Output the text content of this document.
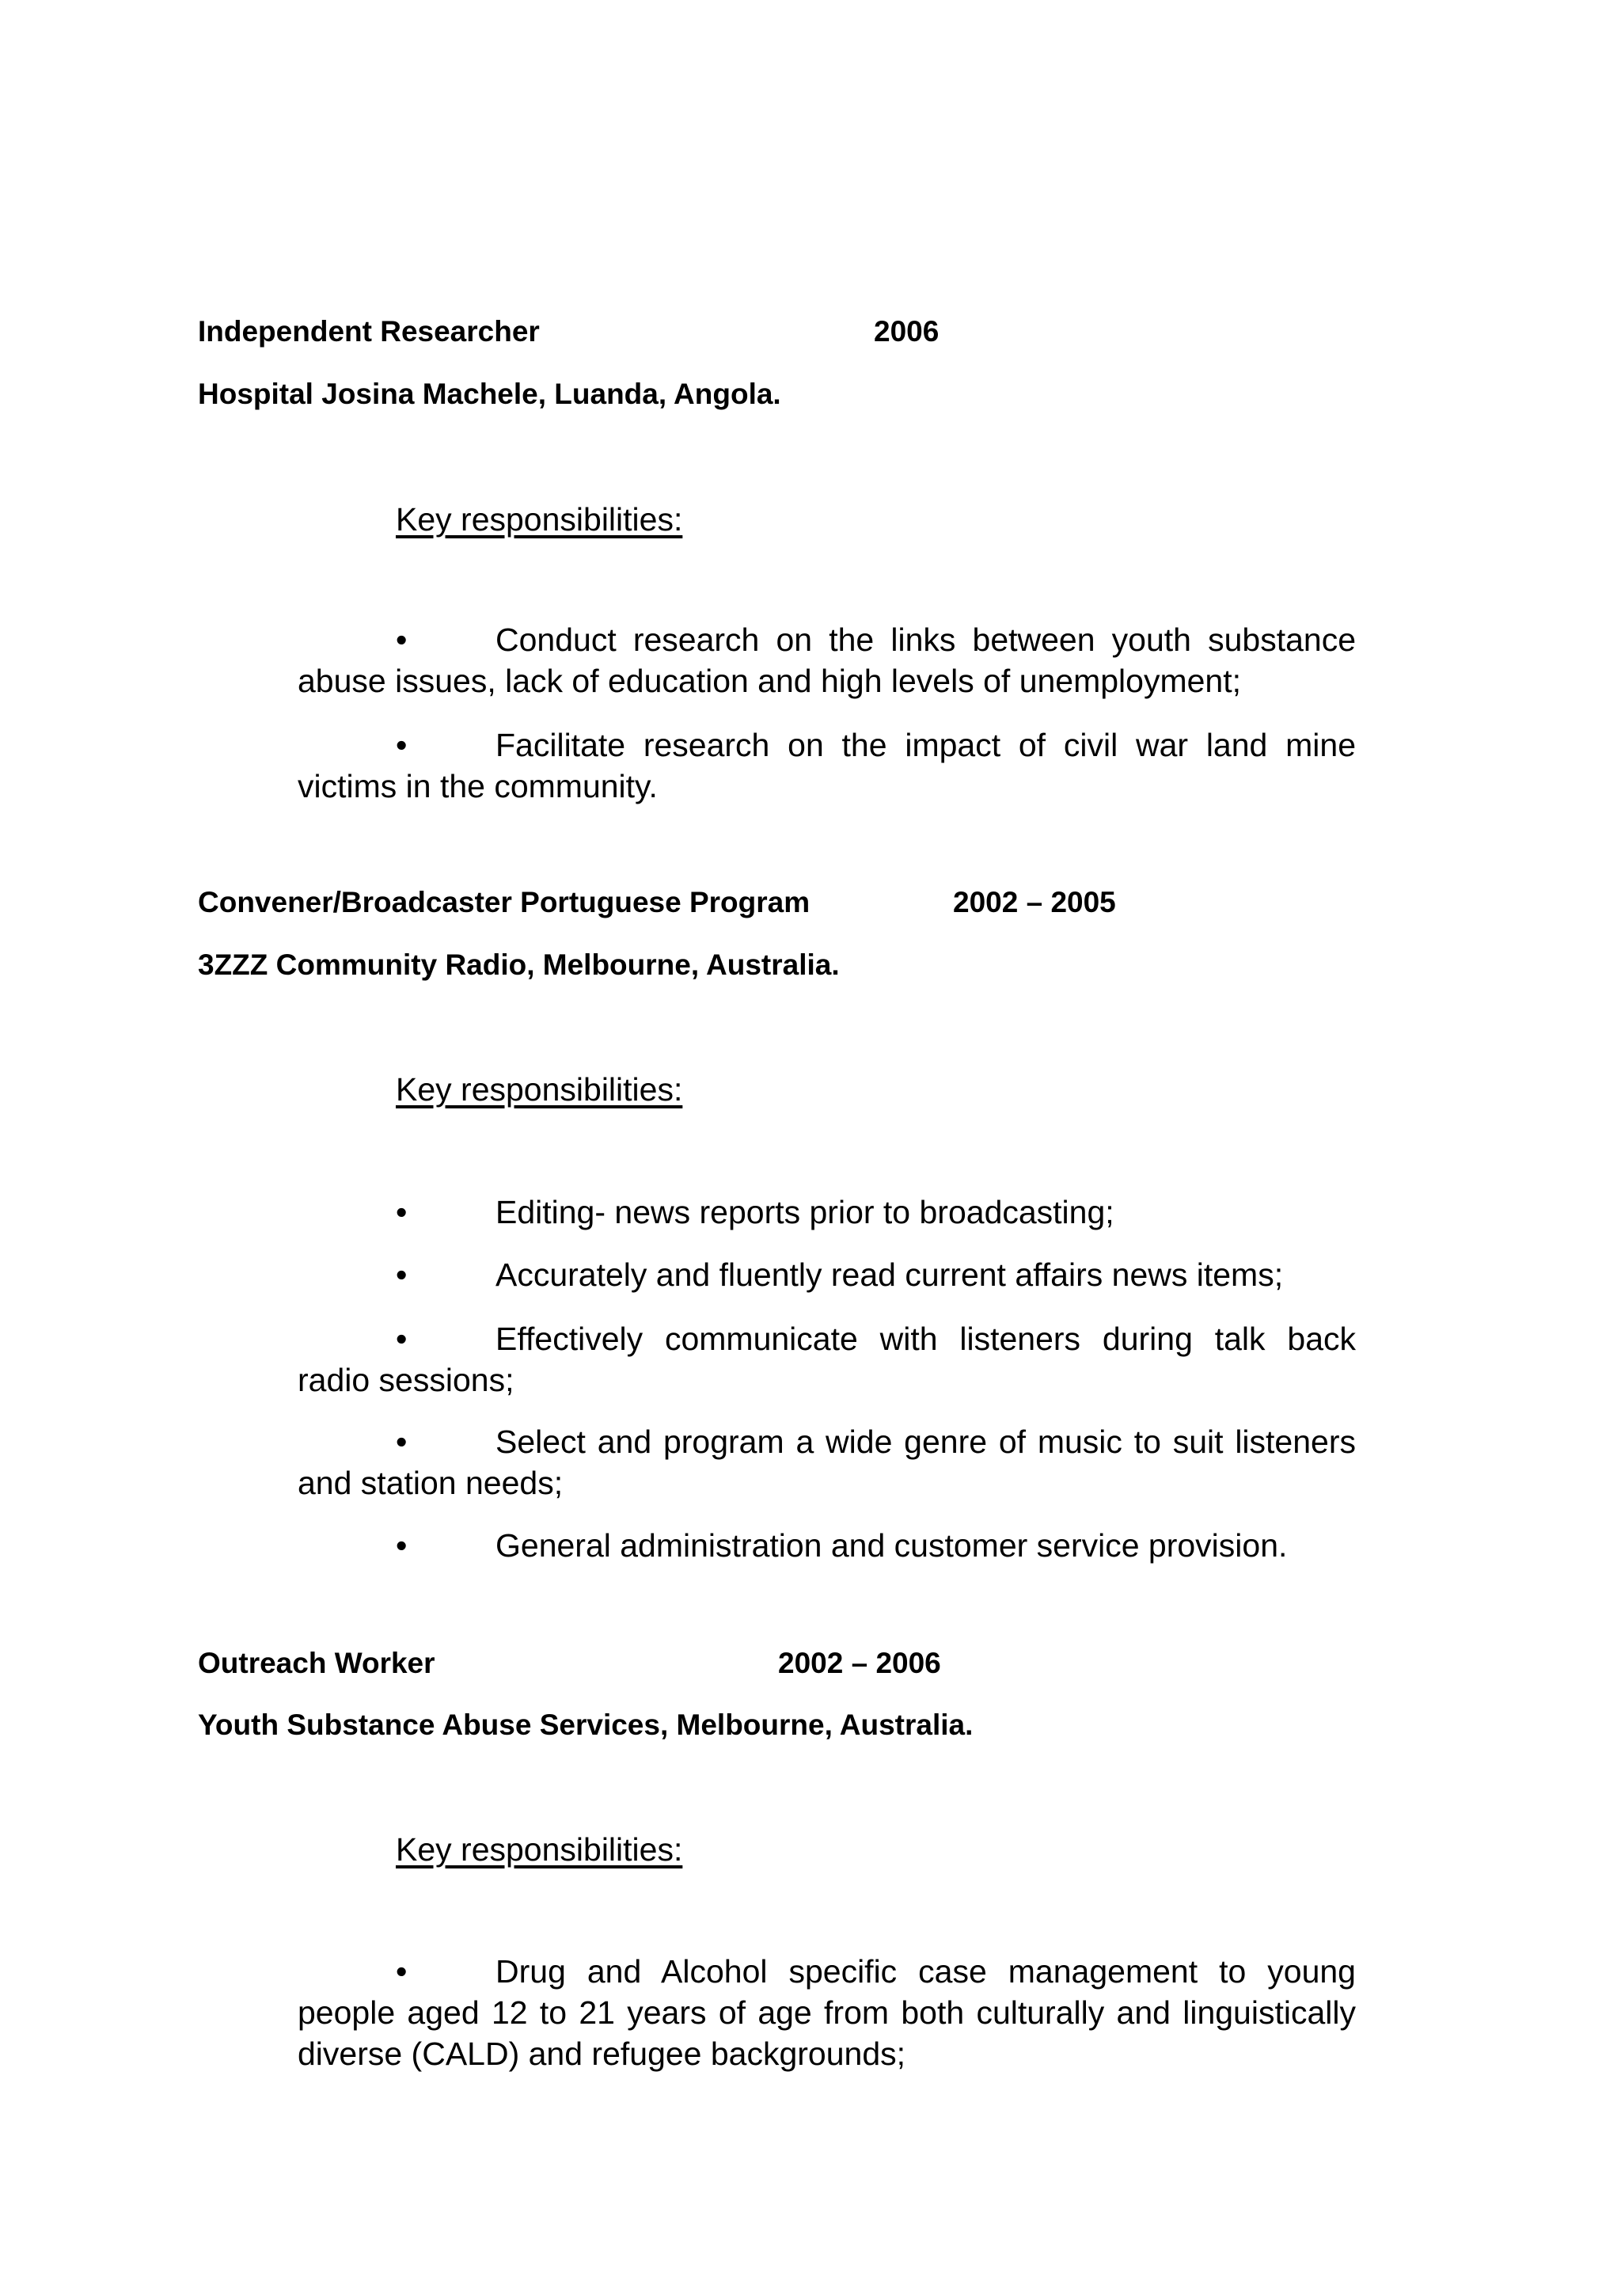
Independent Researcher	2006
Hospital Josina Machele, Luanda, Angola.
Key responsibilities:
•	Conduct research on the links between youth substance abuse issues, lack of education and high levels of unemployment;
•	Facilitate research on the impact of civil war land mine victims in the community.
Convener/Broadcaster Portuguese Program	2002 – 2005
3ZZZ Community Radio, Melbourne, Australia.
Key responsibilities:
•	Editing- news reports prior to broadcasting;
•	Accurately and fluently read current affairs news items;
•	Effectively communicate with listeners during talk back radio sessions;
•	Select and program a wide genre of music to suit listeners and station needs;
•	General administration and customer service provision.
Outreach Worker	2002 – 2006
Youth Substance Abuse Services, Melbourne, Australia.
Key responsibilities:
•	Drug and Alcohol specific case management to young people aged 12 to 21 years of age from both culturally and linguistically diverse (CALD) and refugee backgrounds;
